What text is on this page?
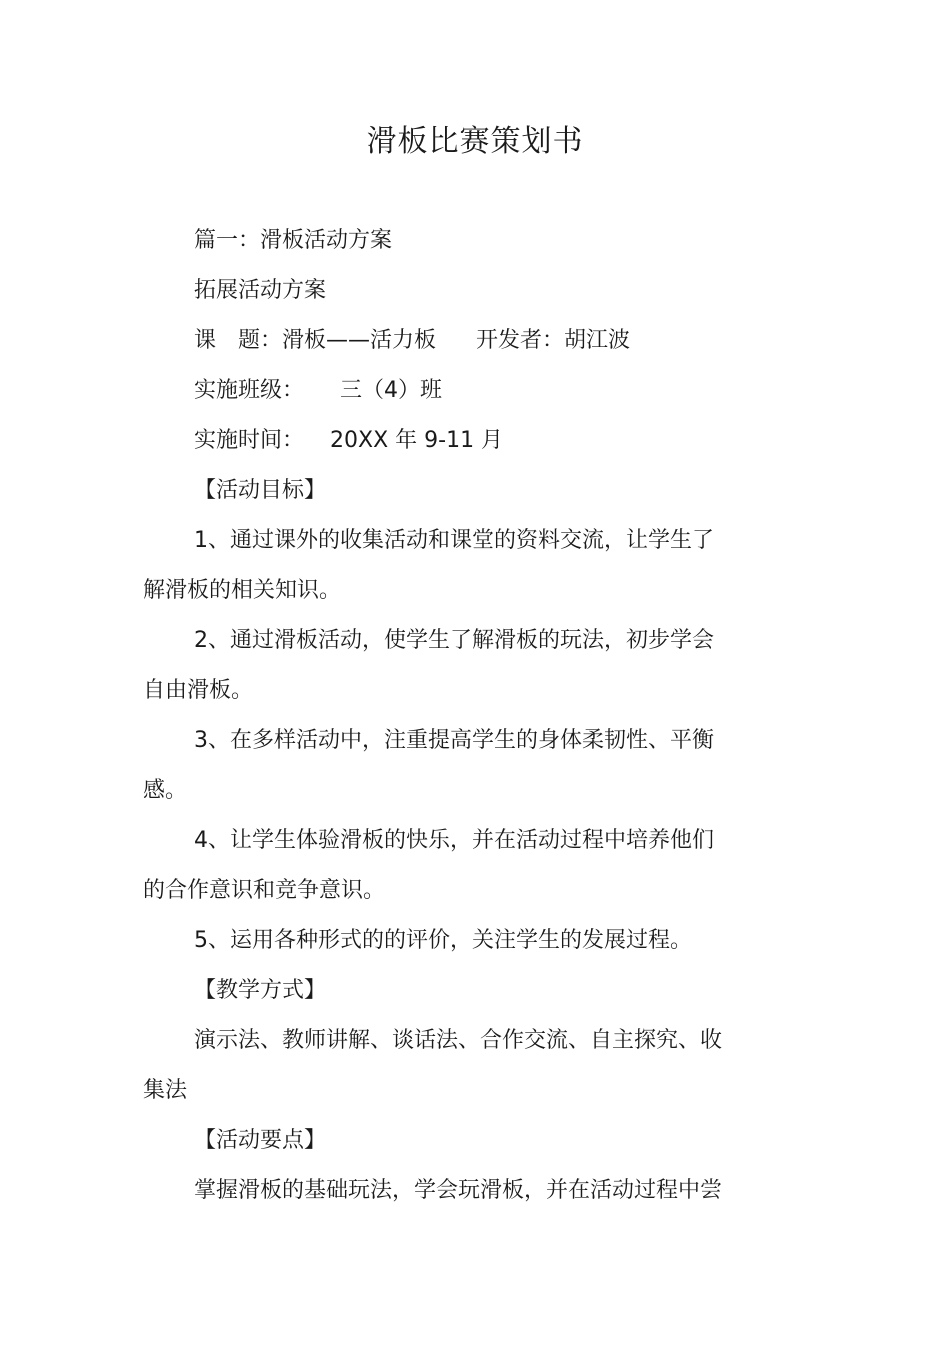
滑板比赛策划书
篇一：滑板活动方案
拓展活动方案
课　题：滑板——活力板 开发者：胡江波
实施班级： 三（4）班
实施时间： 20XX 年 9-11 月
【活动目标】
1、通过课外的收集活动和课堂的资料交流，让学生了
解滑板的相关知识。
2、通过滑板活动，使学生了解滑板的玩法，初步学会
自由滑板。
3、在多样活动中，注重提高学生的身体柔韧性、平衡
感。
4、让学生体验滑板的快乐，并在活动过程中培养他们
的合作意识和竞争意识。
5、运用各种形式的的评价，关注学生的发展过程。
【教学方式】
演示法、教师讲解、谈话法、合作交流、自主探究、收
集法
【活动要点】
掌握滑板的基础玩法，学会玩滑板，并在活动过程中尝
